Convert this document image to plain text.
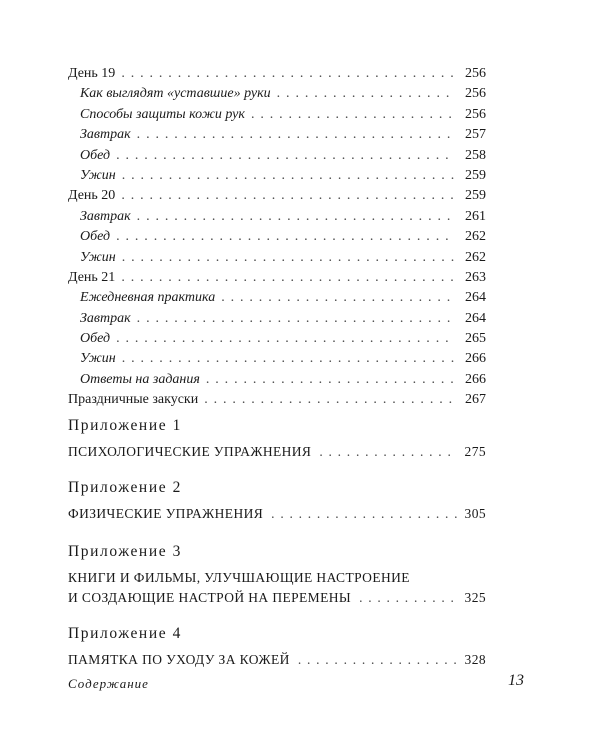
День 19 . . .	256
Как выглядят «уставшие» руки . . .	256
Способы защиты кожи рук . . .	256
Завтрак . . .	257
Обед . . .	258
Ужин . . .	259
День 20 . . .	259
Завтрак . . .	261
Обед . . .	262
Ужин . . .	262
День 21 . . .	263
Ежедневная практика . . .	264
Завтрак . . .	264
Обед . . .	265
Ужин . . .	266
Ответы на задания . . .	266
Праздничные закуски . . .	267
Приложение 1
ПСИХОЛОГИЧЕСКИЕ УПРАЖНЕНИЯ . . .	275
Приложение 2
ФИЗИЧЕСКИЕ УПРАЖНЕНИЯ . . .	305
Приложение 3
КНИГИ И ФИЛЬМЫ, УЛУЧШАЮЩИЕ НАСТРОЕНИЕ
И СОЗДАЮЩИЕ НАСТРОЙ НА ПЕРЕМЕНЫ . . .	325
Приложение 4
ПАМЯТКА ПО УХОДУ ЗА КОЖЕЙ . . .	328
Содержание	13
